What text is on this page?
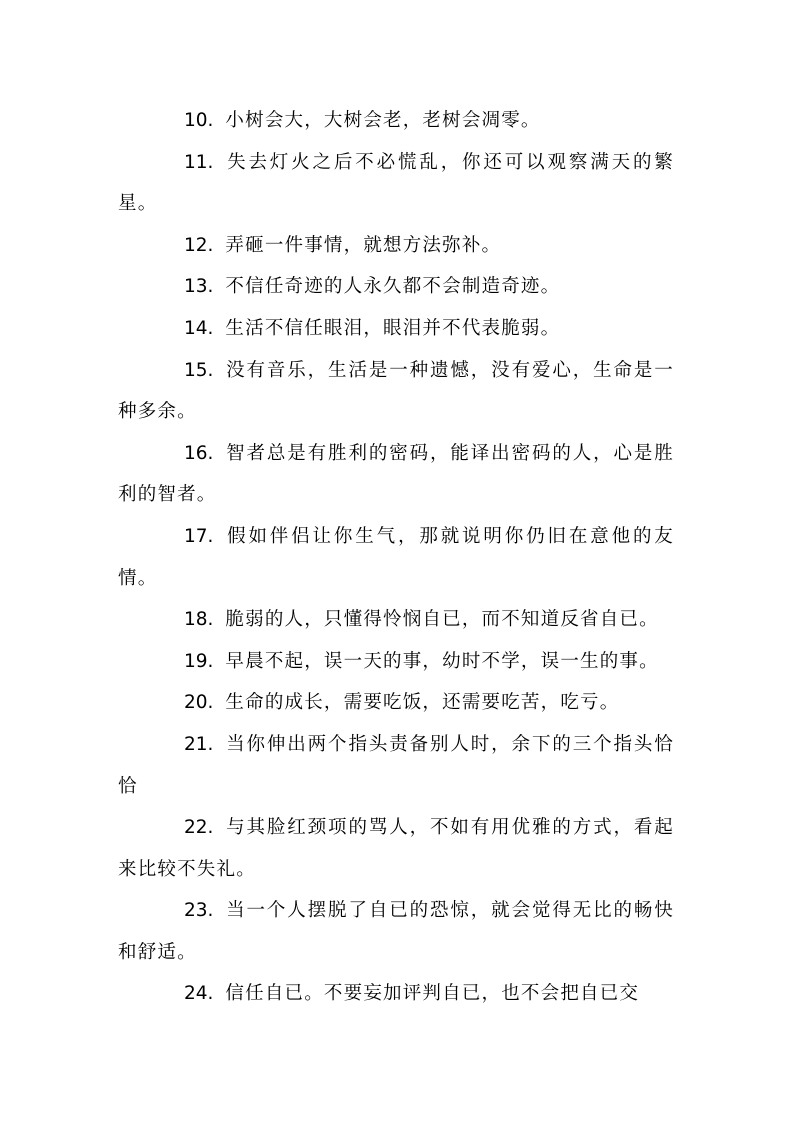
10. 小树会大，大树会老，老树会凋零。

11. 失去灯火之后不必慌乱，你还可以观察满天的繁星。

12. 弄砸一件事情，就想方法弥补。

13. 不信任奇迹的人永久都不会制造奇迹。

14. 生活不信任眼泪，眼泪并不代表脆弱。

15. 没有音乐，生活是一种遗憾，没有爱心，生命是一种多余。

16. 智者总是有胜利的密码，能译出密码的人，心是胜利的智者。

17. 假如伴侣让你生气，那就说明你仍旧在意他的友情。

18. 脆弱的人，只懂得怜悯自已，而不知道反省自已。

19. 早晨不起，误一天的事，幼时不学，误一生的事。

20. 生命的成长，需要吃饭，还需要吃苦，吃亏。

21. 当你伸出两个指头责备别人时，余下的三个指头恰恰

22. 与其脸红颈项的骂人，不如有用优雅的方式，看起来比较不失礼。

23. 当一个人摆脱了自已的恐惊，就会觉得无比的畅快和舒适。

24. 信任自已。不要妄加评判自已，也不会把自已交
